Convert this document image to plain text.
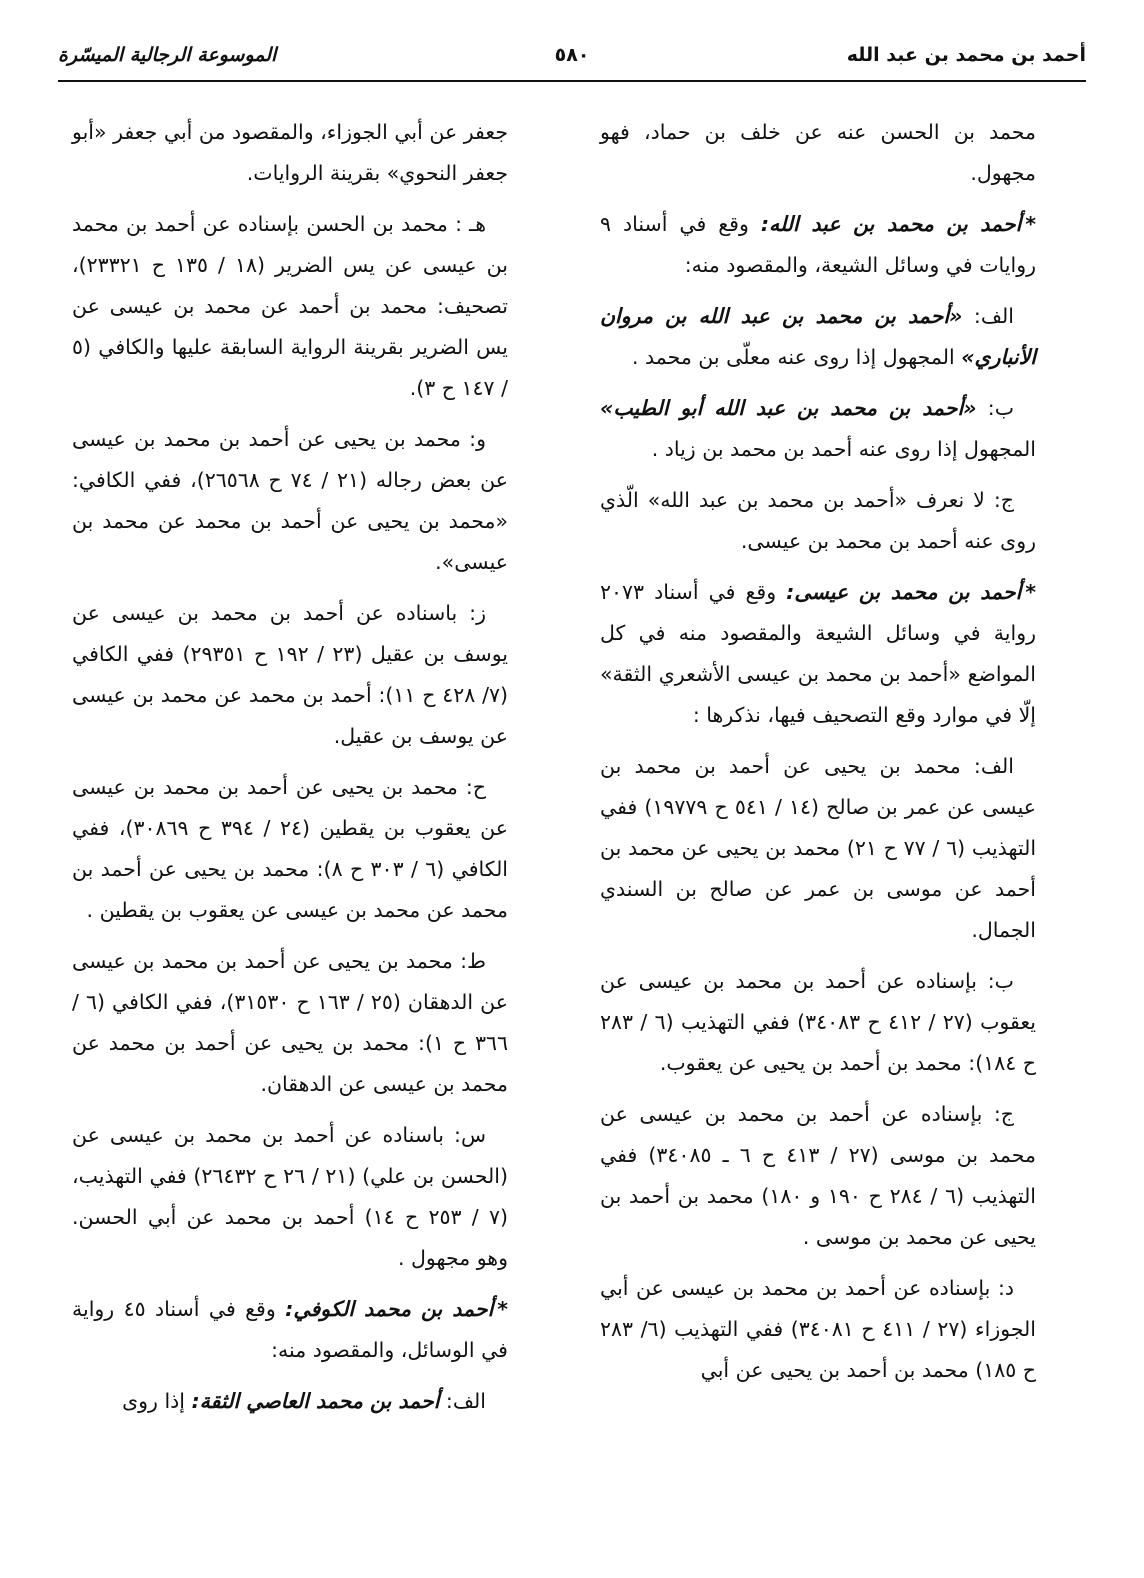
أحمد بن محمد بن عبد الله
٥٨٠
الموسوعة الرجالية الميسّرة

محمد بن الحسن عنه عن خلف بن حماد، فهو مجهول.

*أحمد بن محمد بن عبد الله: وقع في أسناد ٩ روايات في وسائل الشيعة، والمقصود منه:

الف: «أحمد بن محمد بن عبد الله بن مروان الأنباري» المجهول إذا روى عنه معلّى بن محمد .

ب: «أحمد بن محمد بن عبد الله أبو الطيب» المجهول إذا روى عنه أحمد بن محمد بن زياد .

ج: لا نعرف «أحمد بن محمد بن عبد الله» الّذي روى عنه أحمد بن محمد بن عيسى.

*أحمد بن محمد بن عيسى: وقع في أسناد ٢٠٧٣ رواية في وسائل الشيعة والمقصود منه في كل المواضع «أحمد بن محمد بن عيسى الأشعري الثقة» إلّا في موارد وقع التصحيف فيها، نذكرها :

الف: محمد بن يحيى عن أحمد بن محمد بن عيسى عن عمر بن صالح (١٤ / ٥٤١ ح ١٩٧٧٩) ففي التهذيب (٦ / ٧٧ ح ٢١) محمد بن يحيى عن محمد بن أحمد عن موسى بن عمر عن صالح بن السندي الجمال.

ب: بإسناده عن أحمد بن محمد بن عيسى عن يعقوب (٢٧ / ٤١٢ ح ٣٤٠٨٣) ففي التهذيب (٦ / ٢٨٣ ح ١٨٤): محمد بن أحمد بن يحيى عن يعقوب.

ج: بإسناده عن أحمد بن محمد بن عيسى عن محمد بن موسى (٢٧ / ٤١٣ ح ٦ ـ ٣٤٠٨٥) ففي التهذيب (٦ / ٢٨٤ ح ١٩٠ و ١٨٠) محمد بن أحمد بن يحيى عن محمد بن موسى .

د: بإسناده عن أحمد بن محمد بن عيسى عن أبي الجوزاء (٢٧ / ٤١١ ح ٣٤٠٨١) ففي التهذيب (٦/ ٢٨٣ ح ١٨٥) محمد بن أحمد بن يحيى عن أبي

جعفر عن أبي الجوزاء، والمقصود من أبي جعفر «أبو جعفر النحوي» بقرينة الروايات.

هـ : محمد بن الحسن بإسناده عن أحمد بن محمد بن عيسى عن يس الضرير (١٨ / ١٣٥ ح ٢٣٣٢١)، تصحيف: محمد بن أحمد عن محمد بن عيسى عن يس الضرير بقرينة الرواية السابقة عليها والكافي (٥ / ١٤٧ ح ٣).

و: محمد بن يحيى عن أحمد بن محمد بن عيسى عن بعض رجاله (٢١ / ٧٤ ح ٢٦٥٦٨)، ففي الكافي: «محمد بن يحيى عن أحمد بن محمد عن محمد بن عيسى».

ز: باسناده عن أحمد بن محمد بن عيسى عن يوسف بن عقيل (٢٣ / ١٩٢ ح ٢٩٣٥١) ففي الكافي (٧/ ٤٢٨ ح ١١): أحمد بن محمد عن محمد بن عيسى عن يوسف بن عقيل.

ح: محمد بن يحيى عن أحمد بن محمد بن عيسى عن يعقوب بن يقطين (٢٤ / ٣٩٤ ح ٣٠٨٦٩)، ففي الكافي (٦ / ٣٠٣ ح ٨): محمد بن يحيى عن أحمد بن محمد عن محمد بن عيسى عن يعقوب بن يقطين .

ط: محمد بن يحيى عن أحمد بن محمد بن عيسى عن الدهقان (٢٥ / ١٦٣ ح ٣١٥٣٠)، ففي الكافي (٦ / ٣٦٦ ح ١): محمد بن يحيى عن أحمد بن محمد عن محمد بن عيسى عن الدهقان.

س: باسناده عن أحمد بن محمد بن عيسى عن (الحسن بن علي) (٢١ / ٢٦ ح ٢٦٤٣٢) ففي التهذيب، (٧ / ٢٥٣ ح ١٤) أحمد بن محمد عن أبي الحسن. وهو مجهول .

*أحمد بن محمد الكوفي: وقع في أسناد ٤٥ رواية في الوسائل، والمقصود منه:

الف: أحمد بن محمد العاصي الثقة: إذا روى
